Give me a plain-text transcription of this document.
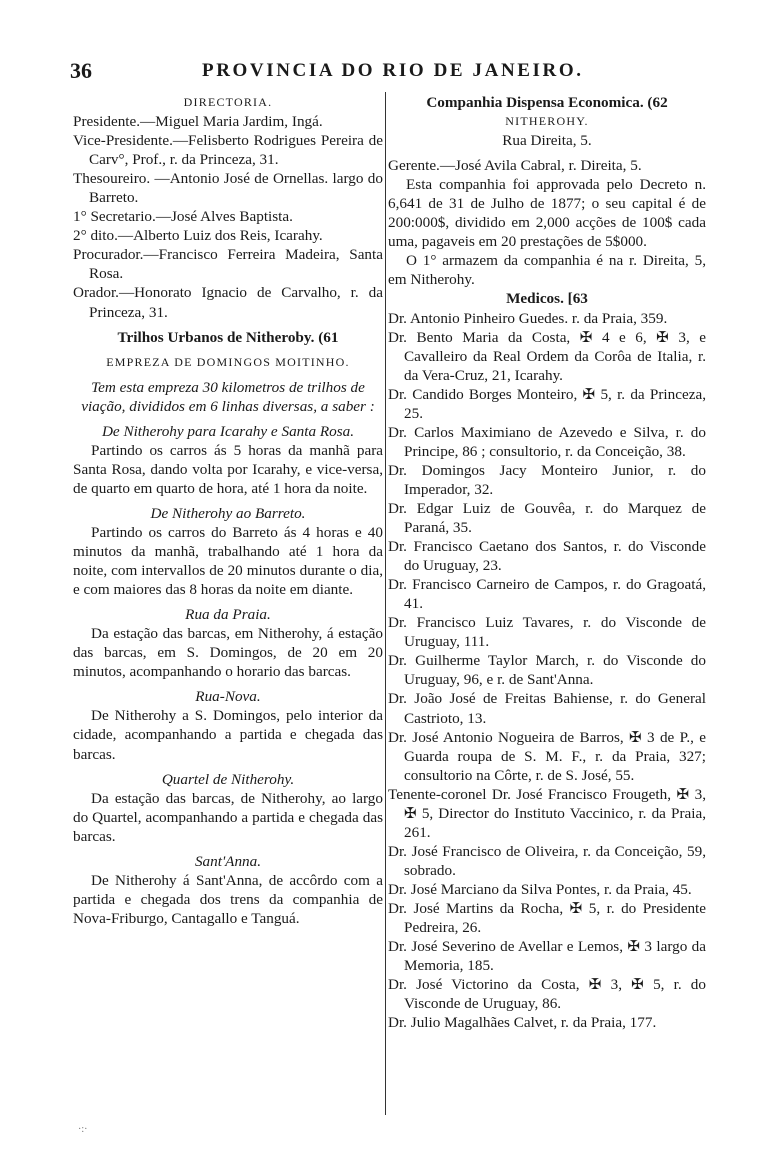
36	PROVINCIA DO RIO DE JANEIRO.

DIRECTORIA.

Presidente.—Miguel Maria Jardim, Ingá.

Vice-Presidente.—Felisberto Rodrigues Pereira de Carv°, Prof., r. da Princeza, 31.

Thesoureiro. —Antonio José de Ornellas. largo do Barreto.

1° Secretario.—José Alves Baptista.

2° dito.—Alberto Luiz dos Reis, Icarahy.

Procurador.—Francisco Ferreira Madeira, Santa Rosa.

Orador.—Honorato Ignacio de Carvalho, r. da Princeza, 31.

Trilhos Urbanos de Nitheroby. (61

EMPREZA DE DOMINGOS MOITINHO.

Tem esta empreza 30 kilometros de trilhos de viação, divididos em 6 linhas diversas, a saber :

De Nitherohy para Icarahy e Santa Rosa.

Partindo os carros ás 5 horas da manhã para Santa Rosa, dando volta por Icarahy, e vice-versa, de quarto em quarto de hora, até 1 hora da noite.

De Nitherohy ao Barreto.

Partindo os carros do Barreto ás 4 horas e 40 minutos da manhã, trabalhando até 1 hora da noite, com intervallos de 20 minutos durante o dia, e com maiores das 8 horas da noite em diante.

Rua da Praia.

Da estação das barcas, em Nitherohy, á estação das barcas, em S. Domingos, de 20 em 20 minutos, acompanhando o horario das barcas.

Rua-Nova.

De Nitherohy a S. Domingos, pelo interior da cidade, acompanhando a partida e chegada das barcas.

Quartel de Nitherohy.

Da estação das barcas, de Nitherohy, ao largo do Quartel, acompanhando a partida e chegada das barcas.

Sant'Anna.

De Nitherohy á Sant'Anna, de accôrdo com a partida e chegada dos trens da companhia de Nova-Friburgo, Cantagallo e Tanguá.

Companhia Dispensa Economica. (62

NITHEROHY.

Rua Direita, 5.

Gerente.—José Avila Cabral, r. Direita, 5.

Esta companhia foi approvada pelo Decreto n. 6,641 de 31 de Julho de 1877; o seu capital é de 200:000$, dividido em 2,000 acções de 100$ cada uma, pagaveis em 20 prestações de 5$000.

O 1° armazem da companhia é na r. Direita, 5, em Nitherohy.

Medicos. [63

Dr. Antonio Pinheiro Guedes. r. da Praia, 359.

Dr. Bento Maria da Costa, ✠ 4 e 6, ✠ 3, e Cavalleiro da Real Ordem da Corôa de Italia, r. da Vera-Cruz, 21, Icarahy.

Dr. Candido Borges Monteiro, ✠ 5, r. da Princeza, 25.

Dr. Carlos Maximiano de Azevedo e Silva, r. do Principe, 86 ; consultorio, r. da Conceição, 38.

Dr. Domingos Jacy Monteiro Junior, r. do Imperador, 32.

Dr. Edgar Luiz de Gouvêa, r. do Marquez de Paraná, 35.

Dr. Francisco Caetano dos Santos, r. do Visconde do Uruguay, 23.

Dr. Francisco Carneiro de Campos, r. do Gragoatá, 41.

Dr. Francisco Luiz Tavares, r. do Visconde de Uruguay, 111.

Dr. Guilherme Taylor March, r. do Visconde do Uruguay, 96, e r. de Sant'Anna.

Dr. João José de Freitas Bahiense, r. do General Castrioto, 13.

Dr. José Antonio Nogueira de Barros, ✠ 3 de P., e Guarda roupa de S. M. F., r. da Praia, 327; consultorio na Côrte, r. de S. José, 55.

Tenente-coronel Dr. José Francisco Frougeth, ✠ 3, ✠ 5, Director do Instituto Vaccinico, r. da Praia, 261.

Dr. José Francisco de Oliveira, r. da Conceição, 59, sobrado.

Dr. José Marciano da Silva Pontes, r. da Praia, 45.

Dr. José Martins da Rocha, ✠ 5, r. do Presidente Pedreira, 26.

Dr. José Severino de Avellar e Lemos, ✠ 3 largo da Memoria, 185.

Dr. José Victorino da Costa, ✠ 3, ✠ 5, r. do Visconde de Uruguay, 86.

Dr. Julio Magalhães Calvet, r. da Praia, 177.

·:·
